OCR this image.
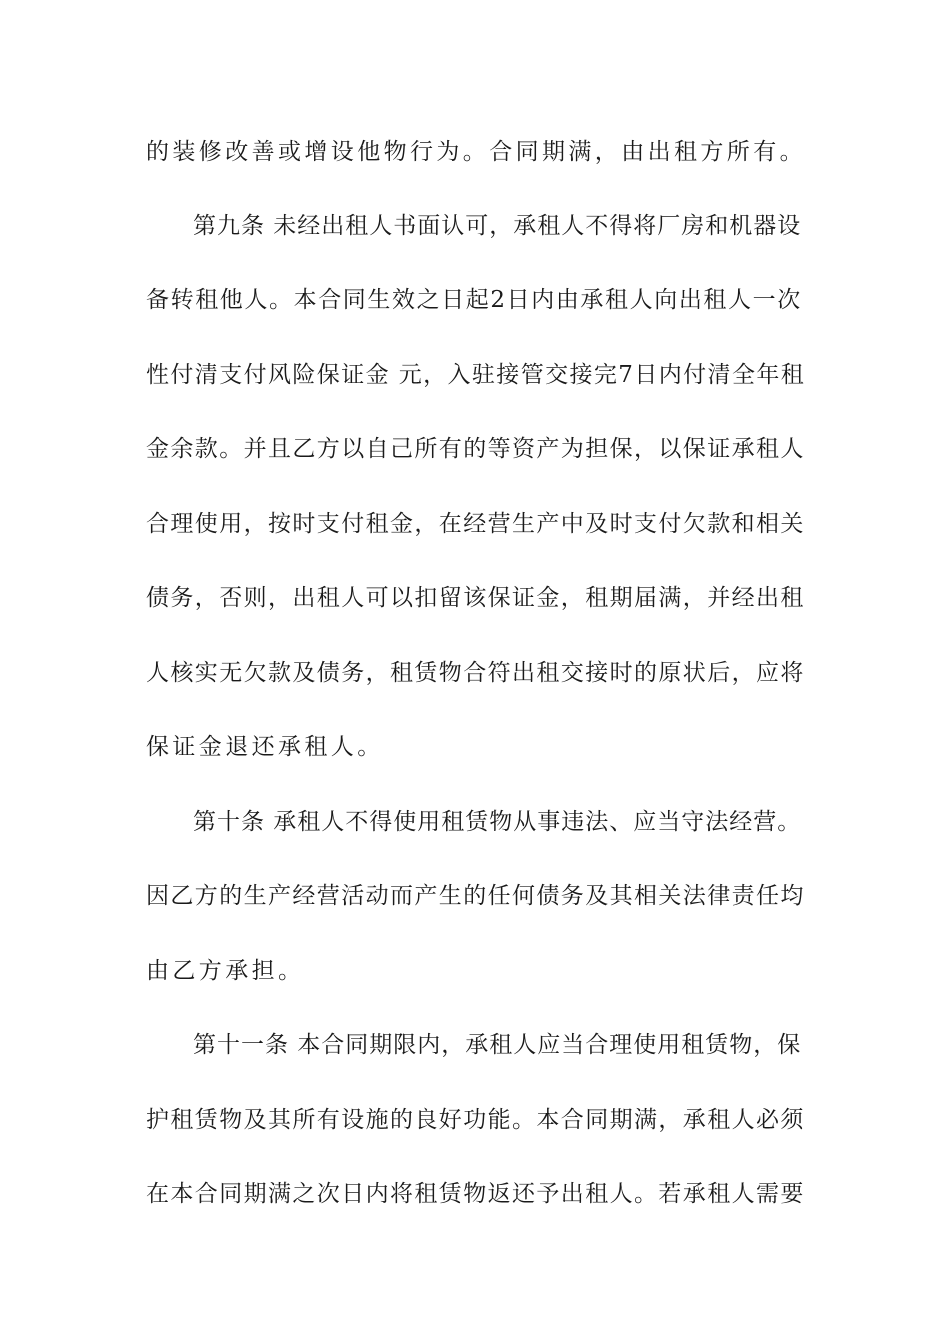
的装修改善或增设他物行为。合同期满，由出租方所有。
第九条 未经出租人书面认可，承租人不得将厂房和机器设
备转租他人。本合同生效之日起2日内由承租人向出租人一次
性付清支付风险保证金 元，入驻接管交接完7日内付清全年租
金余款。并且乙方以自己所有的等资产为担保，以保证承租人
合理使用，按时支付租金，在经营生产中及时支付欠款和相关
债务，否则，出租人可以扣留该保证金，租期届满，并经出租
人核实无欠款及债务，租赁物合符出租交接时的原状后，应将
保证金退还承租人。
第十条 承租人不得使用租赁物从事违法、应当守法经营。
因乙方的生产经营活动而产生的任何债务及其相关法律责任均
由乙方承担。
第十一条 本合同期限内，承租人应当合理使用租赁物，保
护租赁物及其所有设施的良好功能。本合同期满，承租人必须
在本合同期满之次日内将租赁物返还予出租人。若承租人需要
